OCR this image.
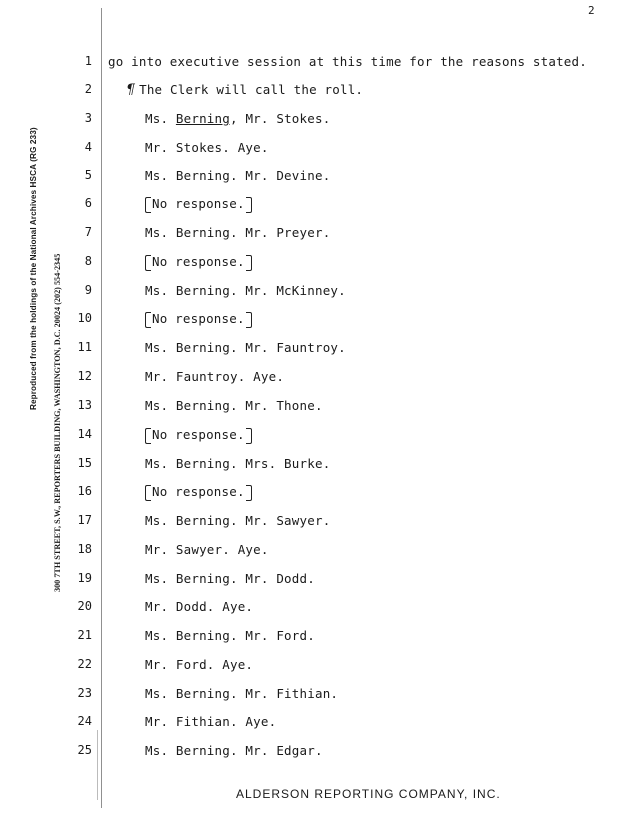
2
Reproduced from the holdings of the National Archives HSCA (RG 233)	300 7TH STREET, S.W., REPORTERS BUILDING, WASHINGTON, D.C. 20024 (202) 554-2345
1 go into executive session at this time for the reasons stated.
2 ¶ The Clerk will call the roll.
3	Ms. Berning, Mr. Stokes.
4	Mr. Stokes. Aye.
5	Ms. Berning. Mr. Devine.
6	No response.
7	Ms. Berning. Mr. Preyer.
8	No response.
9	Ms. Berning. Mr. McKinney.
10	No response.
11	Ms. Berning. Mr. Fauntroy.
12	Mr. Fauntroy. Aye.
13	Ms. Berning. Mr. Thone.
14	No response.
15	Ms. Berning. Mrs. Burke.
16	No response.
17	Ms. Berning. Mr. Sawyer.
18	Mr. Sawyer. Aye.
19	Ms. Berning. Mr. Dodd.
20	Mr. Dodd. Aye.
21	Ms. Berning. Mr. Ford.
22	Mr. Ford. Aye.
23	Ms. Berning. Mr. Fithian.
24	Mr. Fithian. Aye.
25	Ms. Berning. Mr. Edgar.
ALDERSON REPORTING COMPANY, INC.
